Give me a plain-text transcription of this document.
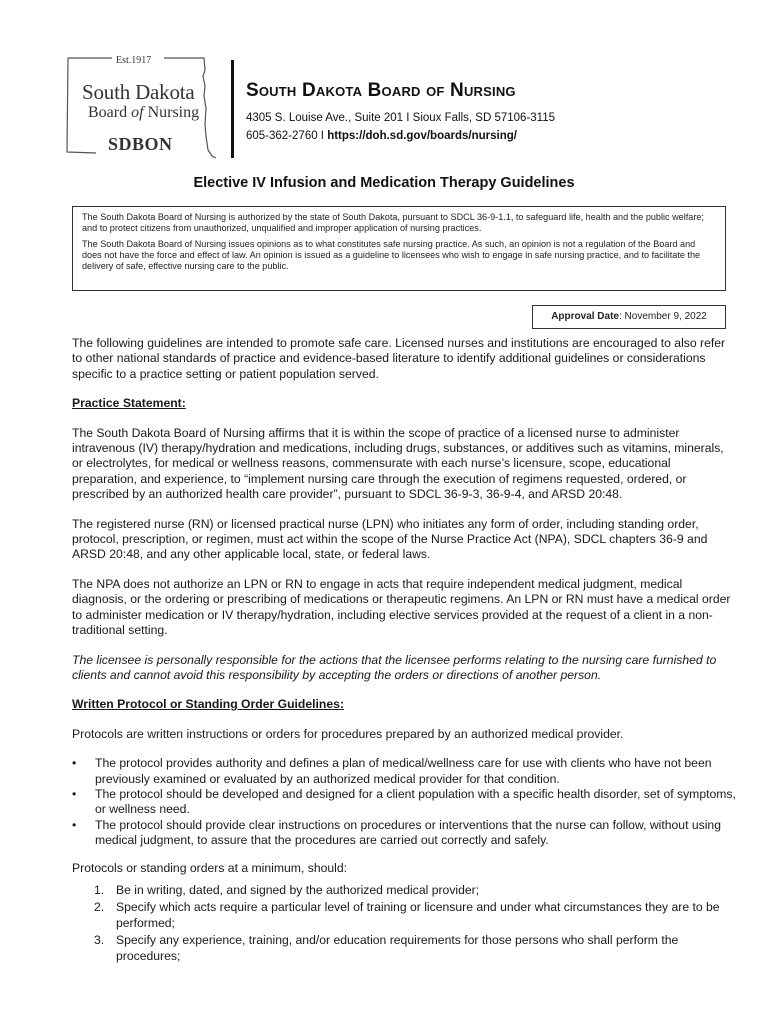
Est.1917
South Dakota
Board of Nursing
SDBON
South Dakota Board of Nursing
4305 S. Louise Ave., Suite 201 I Sioux Falls, SD 57106-3115
605-362-2760 I https://doh.sd.gov/boards/nursing/
Elective IV Infusion and Medication Therapy Guidelines

The South Dakota Board of Nursing is authorized by the state of South Dakota, pursuant to SDCL 36-9-1.1, to safeguard life, health and the public welfare; and to protect citizens from unauthorized, unqualified and improper application of nursing practices.

The South Dakota Board of Nursing issues opinions as to what constitutes safe nursing practice. As such, an opinion is not a regulation of the Board and does not have the force and effect of law. An opinion is issued as a guideline to licensees who wish to engage in safe nursing practice, and to facilitate the delivery of safe, effective nursing care to the public.

Approval Date: November 9, 2022

The following guidelines are intended to promote safe care. Licensed nurses and institutions are encouraged to also refer to other national standards of practice and evidence-based literature to identify additional guidelines or considerations specific to a practice setting or patient population served.

Practice Statement:

The South Dakota Board of Nursing affirms that it is within the scope of practice of a licensed nurse to administer intravenous (IV) therapy/hydration and medications, including drugs, substances, or additives such as vitamins, minerals, or electrolytes, for medical or wellness reasons, commensurate with each nurse’s licensure, scope, educational preparation, and experience, to “implement nursing care through the execution of regimens requested, ordered, or prescribed by an authorized health care provider”, pursuant to SDCL 36-9-3, 36-9-4, and ARSD 20:48.

The registered nurse (RN) or licensed practical nurse (LPN) who initiates any form of order, including standing order, protocol, prescription, or regimen, must act within the scope of the Nurse Practice Act (NPA), SDCL chapters 36-9 and ARSD 20:48, and any other applicable local, state, or federal laws.

The NPA does not authorize an LPN or RN to engage in acts that require independent medical judgment, medical diagnosis, or the ordering or prescribing of medications or therapeutic regimens. An LPN or RN must have a medical order to administer medication or IV therapy/hydration, including elective services provided at the request of a client in a non-traditional setting.

The licensee is personally responsible for the actions that the licensee performs relating to the nursing care furnished to clients and cannot avoid this responsibility by accepting the orders or directions of another person.

Written Protocol or Standing Order Guidelines:

Protocols are written instructions or orders for procedures prepared by an authorized medical provider.

• The protocol provides authority and defines a plan of medical/wellness care for use with clients who have not been previously examined or evaluated by an authorized medical provider for that condition.
• The protocol should be developed and designed for a client population with a specific health disorder, set of symptoms, or wellness need.
• The protocol should provide clear instructions on procedures or interventions that the nurse can follow, without using medical judgment, to assure that the procedures are carried out correctly and safely.

Protocols or standing orders at a minimum, should:

1. Be in writing, dated, and signed by the authorized medical provider;
2. Specify which acts require a particular level of training or licensure and under what circumstances they are to be performed;
3. Specify any experience, training, and/or education requirements for those persons who shall perform the procedures;
